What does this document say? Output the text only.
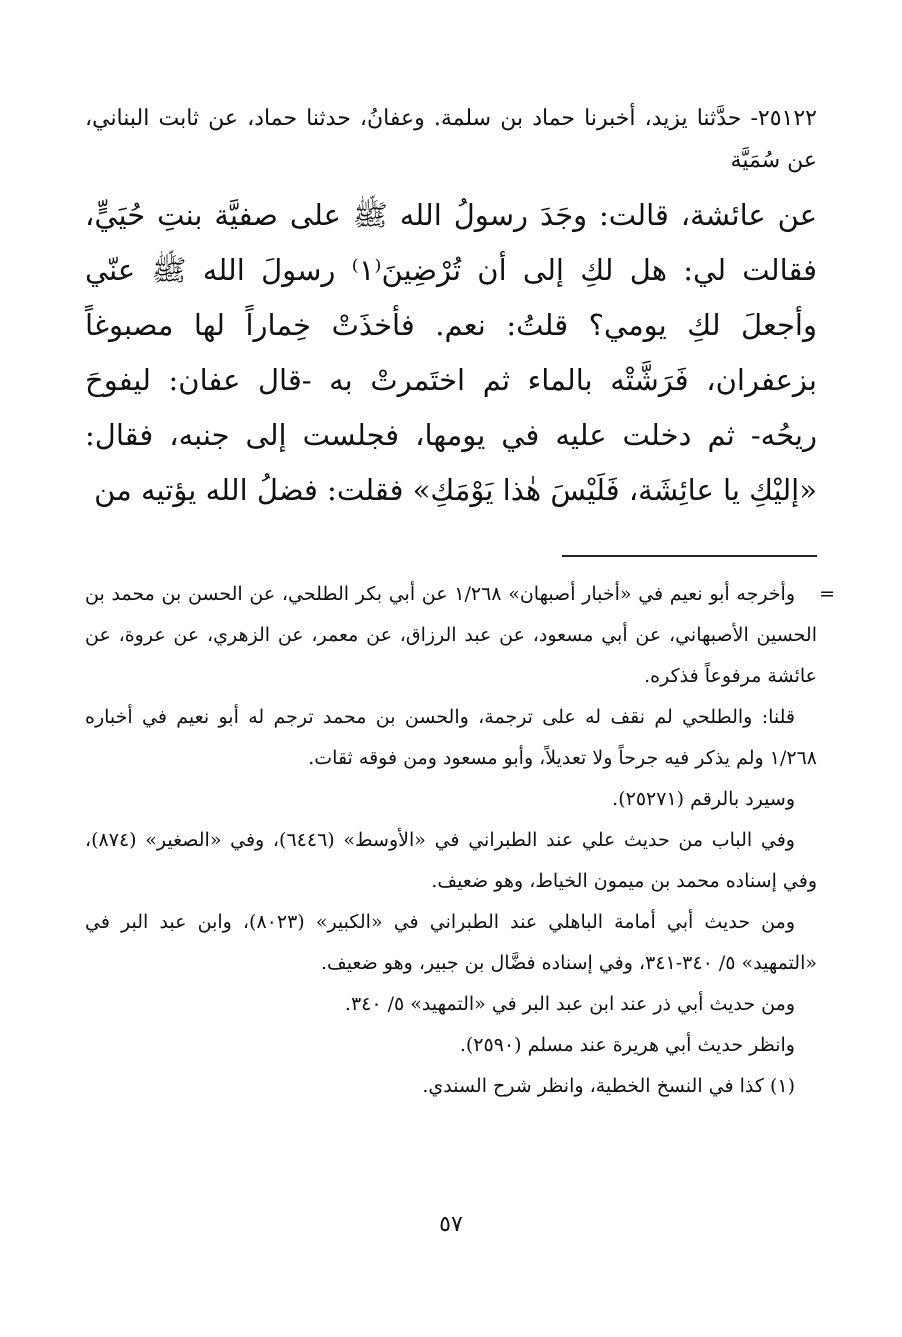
٢٥١٢٢- حدَّثنا يزيد، أخبرنا حماد بن سلمة. وعفانُ، حدثنا حماد، عن ثابت البناني، عن سُمَيَّة

عن عائشة، قالت: وجَدَ رسولُ الله ﷺ على صفيَّة بنتِ حُيَيٍّ، فقالت لي: هل لكِ إلى أن تُرْضِينَ⁽١⁾ رسولَ الله ﷺ عنّي وأجعلَ لكِ يومي؟ قلتُ: نعم. فأخذَتْ خِماراً لها مصبوغاً بزعفران، فَرَشَّتْه بالماء ثم اختَمرتْ به -قال عفان: ليفوحَ ريحُه- ثم دخلت عليه في يومها، فجلست إلى جنبه، فقال: «إليْكِ يا عائِشَة، فَلَيْسَ هٰذا يَوْمَكِ» فقلت: فضلُ الله يؤتيه من

=
وأخرجه أبو نعيم في «أخبار أصبهان» ١/٢٦٨ عن أبي بكر الطلحي، عن الحسن بن محمد بن الحسين الأصبهاني، عن أبي مسعود، عن عبد الرزاق، عن معمر، عن الزهري، عن عروة، عن عائشة مرفوعاً فذكره.

قلنا: والطلحي لم نقف له على ترجمة، والحسن بن محمد ترجم له أبو نعيم في أخباره ١/٢٦٨ ولم يذكر فيه جرحاً ولا تعديلاً، وأبو مسعود ومن فوقه ثقات.

وسيرد بالرقم (٢٥٢٧١).

وفي الباب من حديث علي عند الطبراني في «الأوسط» (٦٤٤٦)، وفي «الصغير» (٨٧٤)، وفي إسناده محمد بن ميمون الخياط، وهو ضعيف.

ومن حديث أبي أمامة الباهلي عند الطبراني في «الكبير» (٨٠٢٣)، وابن عبد البر في «التمهيد» ٥/ ٣٤٠-٣٤١، وفي إسناده فضَّال بن جبير، وهو ضعيف.

ومن حديث أبي ذر عند ابن عبد البر في «التمهيد» ٥/ ٣٤٠.

وانظر حديث أبي هريرة عند مسلم (٢٥٩٠).

(١) كذا في النسخ الخطية، وانظر شرح السندي.

٥٧
